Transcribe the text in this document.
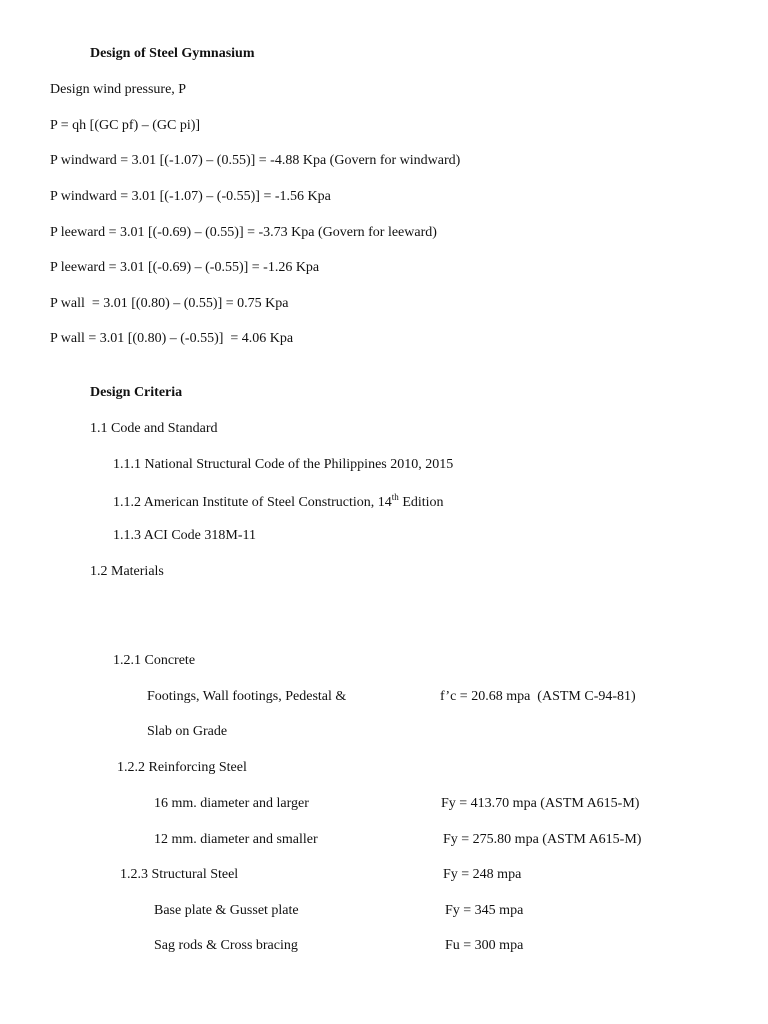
Design of Steel Gymnasium
Design wind pressure, P
P = qh [(GC pf) – (GC pi)]
P windward = 3.01 [(-1.07) – (0.55)] = -4.88 Kpa (Govern for windward)
P windward = 3.01 [(-1.07) – (-0.55)] = -1.56 Kpa
P leeward = 3.01 [(-0.69) – (0.55)] = -3.73 Kpa (Govern for leeward)
P leeward = 3.01 [(-0.69) – (-0.55)] = -1.26 Kpa
P wall  = 3.01 [(0.80) – (0.55)] = 0.75 Kpa
P wall = 3.01 [(0.80) – (-0.55)]  = 4.06 Kpa
Design Criteria
1.1 Code and Standard
1.1.1 National Structural Code of the Philippines 2010, 2015
1.1.2 American Institute of Steel Construction, 14th Edition
1.1.3 ACI Code 318M-11
1.2 Materials
1.2.1 Concrete
Footings, Wall footings, Pedestal &	f’c = 20.68 mpa  (ASTM C-94-81)
Slab on Grade
1.2.2 Reinforcing Steel
16 mm. diameter and larger	Fy = 413.70 mpa (ASTM A615-M)
12 mm. diameter and smaller	Fy = 275.80 mpa (ASTM A615-M)
1.2.3 Structural Steel	Fy = 248 mpa
Base plate & Gusset plate	Fy = 345 mpa
Sag rods & Cross bracing	Fu = 300 mpa
